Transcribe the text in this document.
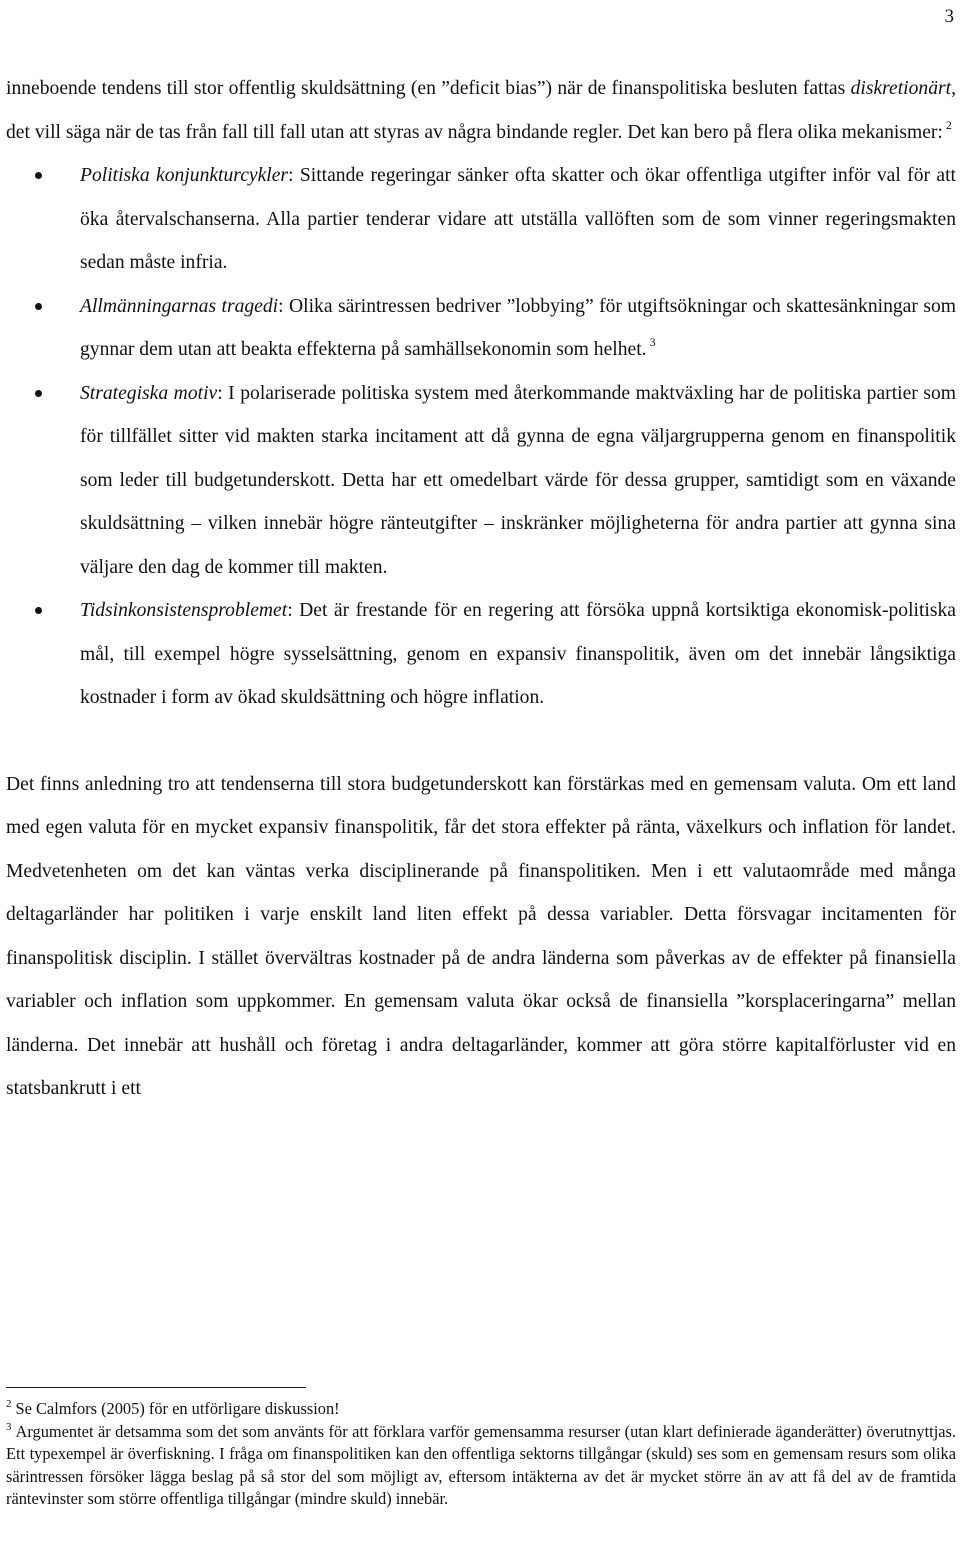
3

inneboende tendens till stor offentlig skuldsättning (en ”deficit bias”) när de finanspolitiska besluten fattas diskretionärt, det vill säga när de tas från fall till fall utan att styras av några bindande regler. Det kan bero på flera olika mekanismer: $^2$

Politiska konjunkturcykler: Sittande regeringar sänker ofta skatter och ökar offentliga utgifter inför val för att öka återvalschanserna. Alla partier tenderar vidare att utställa vallöften som de som vinner regeringsmakten sedan måste infria.
Allmänningarnas tragedi: Olika särintressen bedriver ”lobbying” för utgiftsökningar och skattesänkningar som gynnar dem utan att beakta effekterna på samhällsekonomin som helhet. $^3$
Strategiska motiv: I polariserade politiska system med återkommande maktväxling har de politiska partier som för tillfället sitter vid makten starka incitament att då gynna de egna väljargrupperna genom en finanspolitik som leder till budgetunderskott. Detta har ett omedelbart värde för dessa grupper, samtidigt som en växande skuldsättning – vilken innebär högre ränteutgifter – inskränker möjligheterna för andra partier att gynna sina väljare den dag de kommer till makten.
Tidsinkonsistensproblemet: Det är frestande för en regering att försöka uppnå kortsiktiga ekonomisk-politiska mål, till exempel högre sysselsättning, genom en expansiv finanspolitik, även om det innebär långsiktiga kostnader i form av ökad skuldsättning och högre inflation.

Det finns anledning tro att tendenserna till stora budgetunderskott kan förstärkas med en gemensam valuta. Om ett land med egen valuta för en mycket expansiv finanspolitik, får det stora effekter på ränta, växelkurs och inflation för landet. Medvetenheten om det kan väntas verka disciplinerande på finanspolitiken. Men i ett valutaområde med många deltagarländer har politiken i varje enskilt land liten effekt på dessa variabler. Detta försvagar incitamenten för finanspolitisk disciplin. I stället övervältras kostnader på de andra länderna som påverkas av de effekter på finansiella variabler och inflation som uppkommer. En gemensam valuta ökar också de finansiella ”korsplaceringarna” mellan länderna. Det innebär att hushåll och företag i andra deltagarländer, kommer att göra större kapitalförluster vid en statsbankrutt i ett

$^2$ Se Calmfors (2005) för en utförligare diskussion!

$^3$ Argumentet är detsamma som det som använts för att förklara varför gemensamma resurser (utan klart definierade äganderätter) överutnyttjas. Ett typexempel är överfiskning. I fråga om finanspolitiken kan den offentliga sektorns tillgångar (skuld) ses som en gemensam resurs som olika särintressen försöker lägga beslag på så stor del som möjligt av, eftersom intäkterna av det är mycket större än av att få del av de framtida räntevinster som större offentliga tillgångar (mindre skuld) innebär.
